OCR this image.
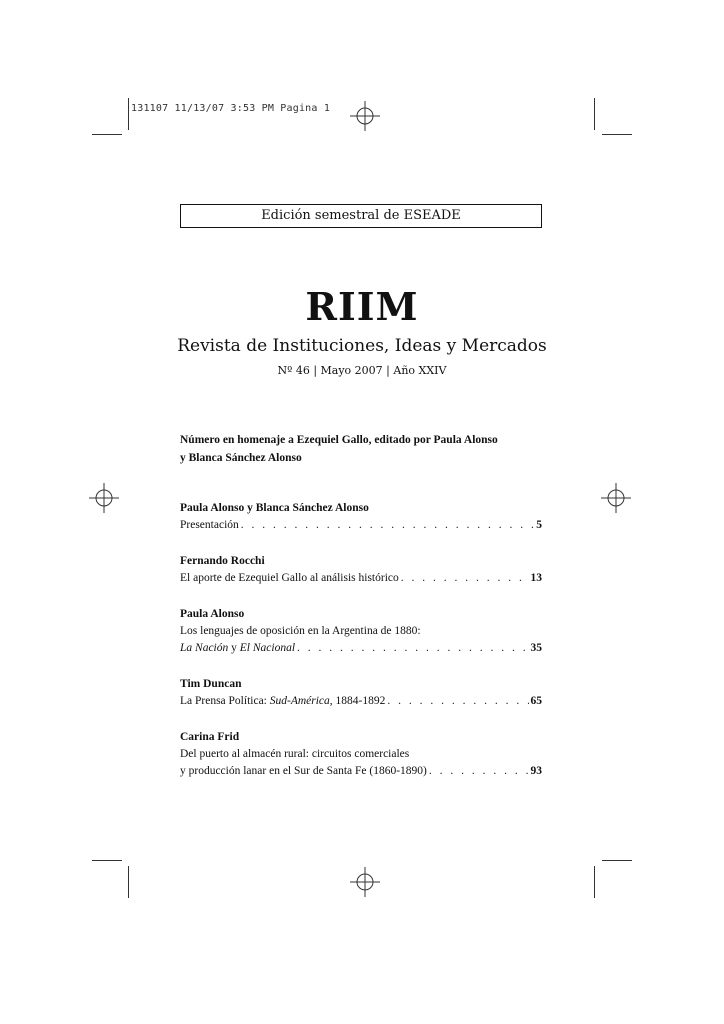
131107 11/13/07 3:53 PM Pagina 1
Edición semestral de ESEADE
RIIM
Revista de Instituciones, Ideas y Mercados
Nº 46 | Mayo 2007 | Año XXIV
Número en homenaje a Ezequiel Gallo, editado por Paula Alonso
y Blanca Sánchez Alonso
Paula Alonso y Blanca Sánchez Alonso
Presentación . . .	5
Fernando Rocchi
El aporte de Ezequiel Gallo al análisis histórico . . .	13
Paula Alonso
Los lenguajes de oposición en la Argentina de 1880:
La Nación y El Nacional . . .	35
Tim Duncan
La Prensa Política: Sud-América, 1884-1892 . . .	65
Carina Frid
Del puerto al almacén rural: circuitos comerciales
y producción lanar en el Sur de Santa Fe (1860-1890) . . .	93
